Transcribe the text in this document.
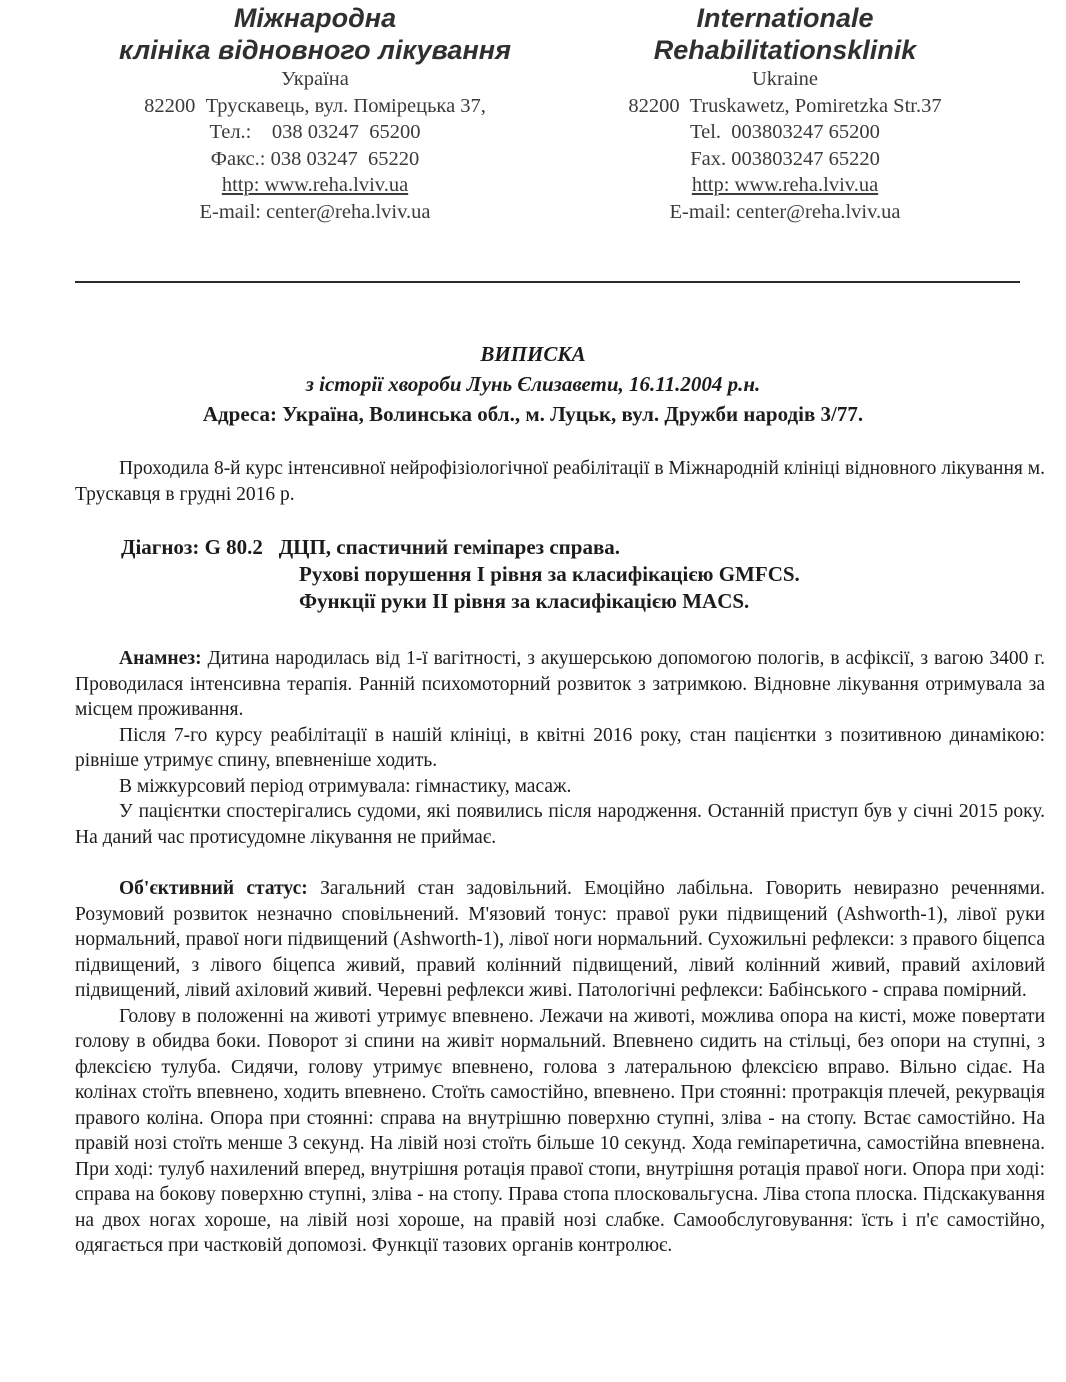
Міжнародна
клініка відновного лікування
Україна
82200  Трускавець, вул. Помірецька 37,
Тел.:    038 03247  65200
Факс.: 038 03247  65220
http: www.reha.lviv.ua
E-mail: center@reha.lviv.ua
Internationale
Rehabilitationsklinik
Ukraine
82200  Truskawetz, Pomiretzka Str.37
Tel.  003803247 65200
Fax. 003803247 65220
http: www.reha.lviv.ua
E-mail: center@reha.lviv.ua
ВИПИСКА
з історії хвороби Лунь Єлизавети, 16.11.2004 р.н.
Адреса: Україна, Волинська обл., м. Луцьк, вул. Дружби народів 3/77.

Проходила 8-й курс інтенсивної нейрофізіологічної реабілітації в Міжнародній клініці відновного лікування м. Трускавця в грудні 2016 р.

Діагноз: G 80.2 ДЦП, спастичний геміпарез справа.
Рухові порушення І рівня за класифікацією GMFCS.
Функції руки ІІ рівня за класифікацією MACS.

Анамнез: Дитина народилась від 1-ї вагітності, з акушерською допомогою пологів, в асфіксії, з вагою 3400 г. Проводилася інтенсивна терапія. Ранній психомоторний розвиток з затримкою. Відновне лікування отримувала за місцем проживання.

Після 7-го курсу реабілітації в нашій клініці, в квітні 2016 року, стан пацієнтки з позитивною динамікою: рівніше утримує спину, впевненіше ходить.

В міжкурсовий період отримувала: гімнастику, масаж.

У пацієнтки спостерігались судоми, які появились після народження. Останній приступ був у січні 2015 року. На даний час протисудомне лікування не приймає.

Об'єктивний статус: Загальний стан задовільний. Емоційно лабільна. Говорить невиразно реченнями. Розумовий розвиток незначно сповільнений. М'язовий тонус: правої руки підвищений (Ashworth-1), лівої руки нормальний, правої ноги підвищений (Ashworth-1), лівої ноги нормальний. Сухожильні рефлекси: з правого біцепса підвищений, з лівого біцепса живий, правий колінний підвищений, лівий колінний живий, правий ахіловий підвищений, лівий ахіловий живий. Черевні рефлекси живі. Патологічні рефлекси: Бабінського - справа помірний.

Голову в положенні на животі утримує впевнено. Лежачи на животі, можлива опора на кисті, може повертати голову в обидва боки. Поворот зі спини на живіт нормальний. Впевнено сидить на стільці, без опори на ступні, з флексією тулуба. Сидячи, голову утримує впевнено, голова з латеральною флексією вправо. Вільно сідає. На колінах стоїть впевнено, ходить впевнено. Стоїть самостійно, впевнено. При стоянні: протракція плечей, рекурвація правого коліна. Опора при стоянні: справа на внутрішню поверхню ступні, зліва - на стопу. Встає самостійно. На правій нозі стоїть менше 3 секунд. На лівій нозі стоїть більше 10 секунд. Хода геміпаретична, самостійна впевнена. При ході: тулуб нахилений вперед, внутрішня ротація правої стопи, внутрішня ротація правої ноги. Опора при ході: справа на бокову поверхню ступні, зліва - на стопу. Права стопа плосковальгусна. Ліва стопа плоска. Підскакування на двох ногах хороше, на лівій нозі хороше, на правій нозі слабке. Самообслуговування: їсть і п'є самостійно, одягається при частковій допомозі. Функції тазових органів контролює.
